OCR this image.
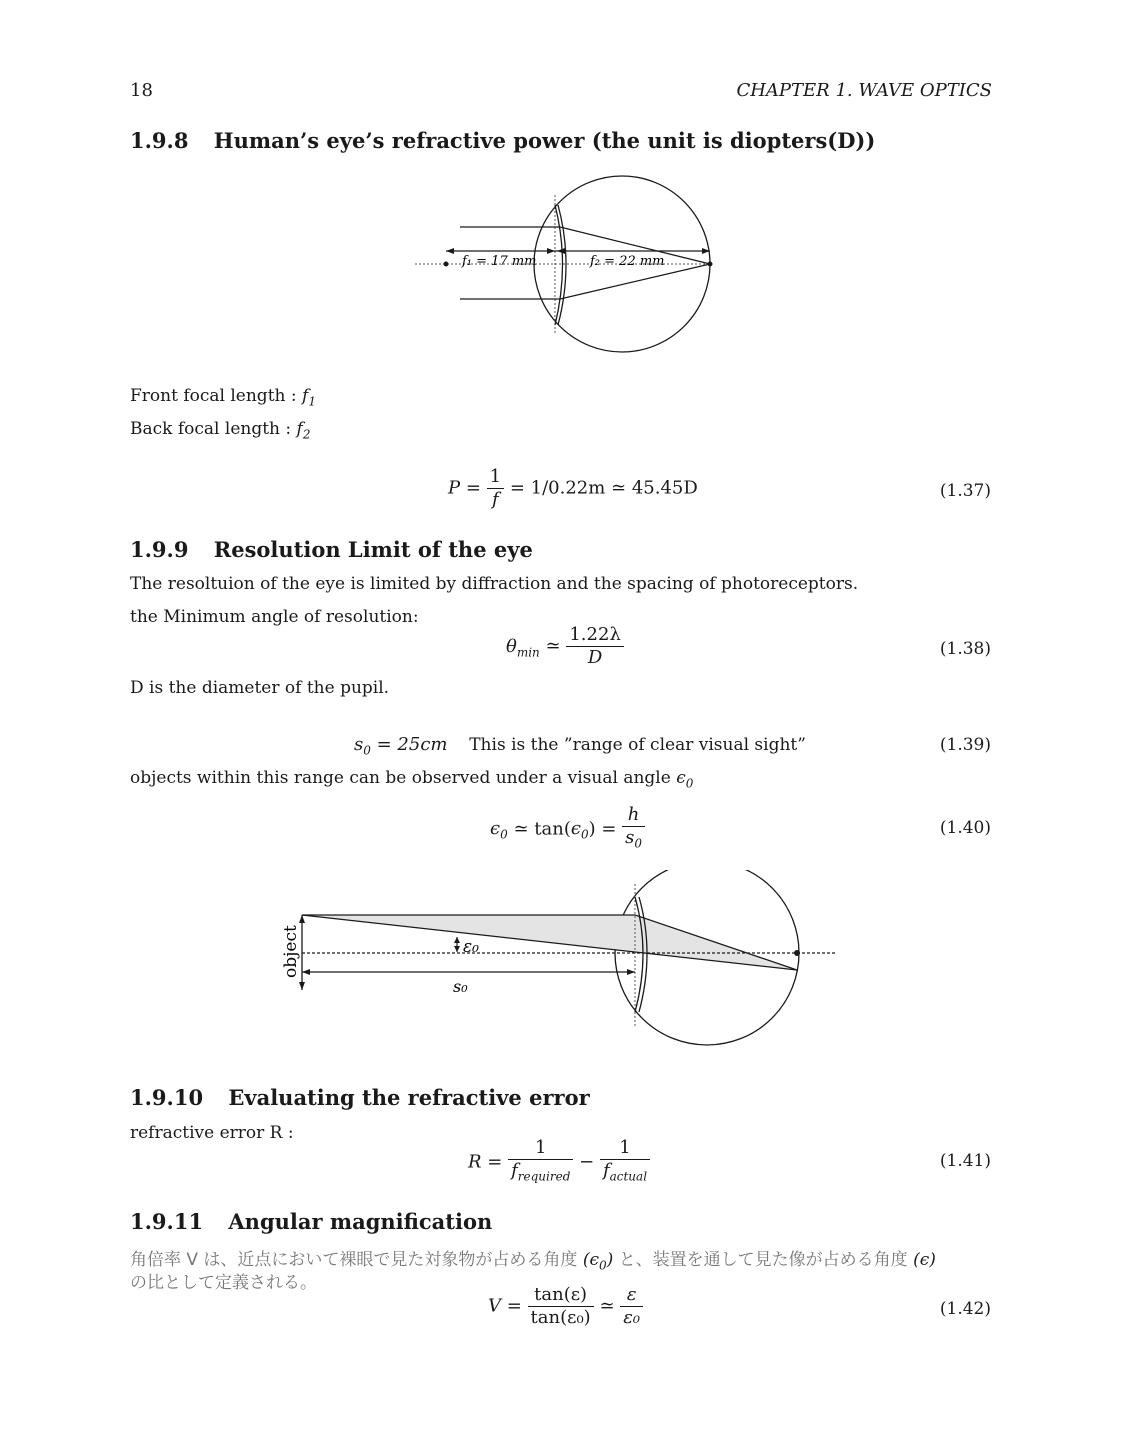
18	CHAPTER 1. WAVE OPTICS
1.9.8 Human’s eye’s refractive power (the unit is diopters(D))
f₁ = 17 mm	f₂ = 22 mm
Front focal length : $f_1$
Back focal length : $f_2$
$P = \frac{1}{f} = 1/0.22m$ ≃ 45.45D	(1.37)
1.9.9 Resolution Limit of the eye
The resoltuion of the eye is limited by diffraction and the spacing of photoreceptors.
the Minimum angle of resolution:
$\theta_{min}$ ≃ $\frac{1.22\lambda}{D}$	(1.38)
D is the diameter of the pupil.
$s_0 = 25cm$ This is the ”range of clear visual sight”	(1.39)
objects within this range can be observed under a visual angle $\epsilon_0$
$\epsilon_0$ ≃ $\tan(\epsilon_0) = \frac{h}{s_0}$	(1.40)
object	ε₀
s₀
1.9.10 Evaluating the refractive error
refractive error R :
$R = \frac{1}{f_{required}} - \frac{1}{f_{actual}}$	(1.41)
1.9.11 Angular magnification
角倍率 V は、近点において裸眼で見た対象物が占める角度 $(\epsilon_0)$ と、装置を通して見た像が占める角度 (ϵ)
の比として定義される。
$V = \frac{\tan(\varepsilon)}{\text{tan(ε₀)}}$ ≃ $\frac{\varepsilon}{\text{ε₀}}$	(1.42)
